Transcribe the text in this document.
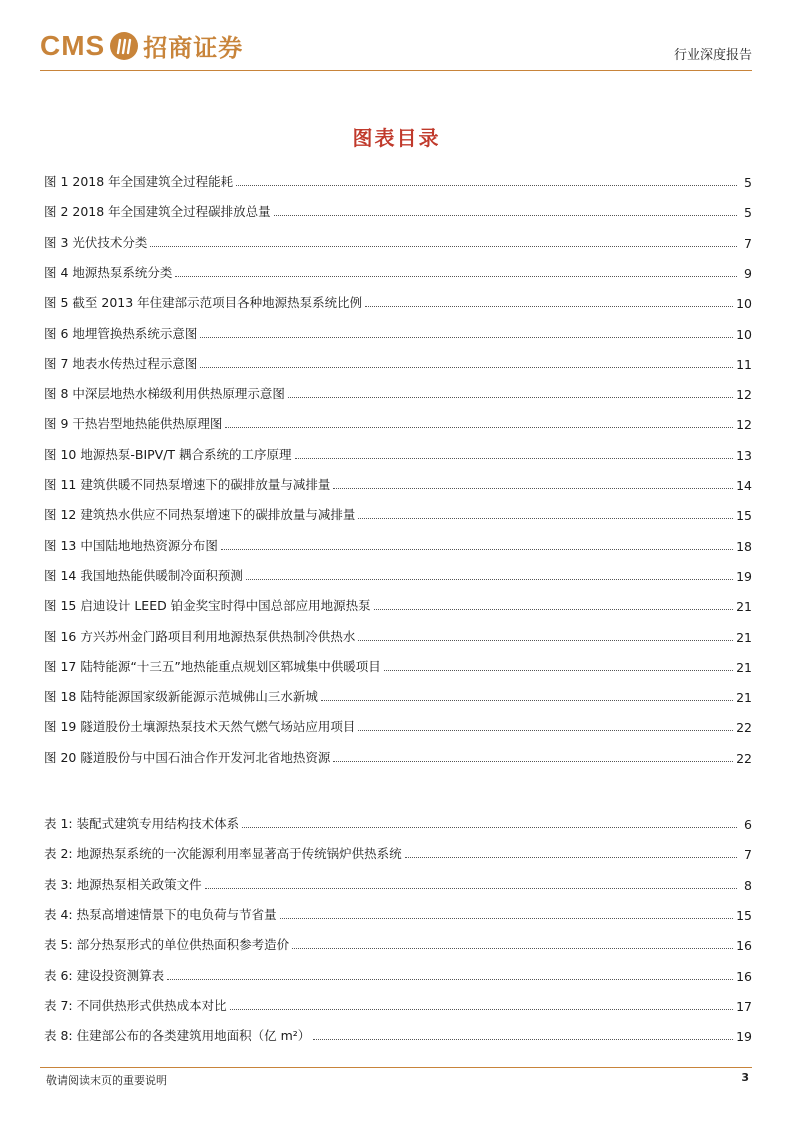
CMS 招商证券	行业深度报告
图表目录
图 1 2018 年全国建筑全过程能耗	5
图 2 2018 年全国建筑全过程碳排放总量	5
图 3 光伏技术分类	7
图 4 地源热泵系统分类	9
图 5 截至 2013 年住建部示范项目各种地源热泵系统比例	10
图 6 地埋管换热系统示意图	10
图 7 地表水传热过程示意图	11
图 8 中深层地热水梯级利用供热原理示意图	12
图 9 干热岩型地热能供热原理图	12
图 10 地源热泵-BIPV/T 耦合系统的工序原理	13
图 11 建筑供暖不同热泵增速下的碳排放量与减排量	14
图 12 建筑热水供应不同热泵增速下的碳排放量与减排量	15
图 13 中国陆地地热资源分布图	18
图 14 我国地热能供暖制冷面积预测	19
图 15 启迪设计 LEED 铂金奖宝时得中国总部应用地源热泵	21
图 16 方兴苏州金门路项目利用地源热泵供热制冷供热水	21
图 17 陆特能源“十三五”地热能重点规划区郓城集中供暖项目	21
图 18 陆特能源国家级新能源示范城佛山三水新城	21
图 19 隧道股份土壤源热泵技术天然气燃气场站应用项目	22
图 20 隧道股份与中国石油合作开发河北省地热资源	22
表 1: 装配式建筑专用结构技术体系	6
表 2: 地源热泵系统的一次能源利用率显著高于传统锅炉供热系统	7
表 3: 地源热泵相关政策文件	8
表 4: 热泵高增速情景下的电负荷与节省量	15
表 5: 部分热泵形式的单位供热面积参考造价	16
表 6: 建设投资测算表	16
表 7: 不同供热形式供热成本对比	17
表 8: 住建部公布的各类建筑用地面积（亿 m²）	19
敬请阅读末页的重要说明	3
